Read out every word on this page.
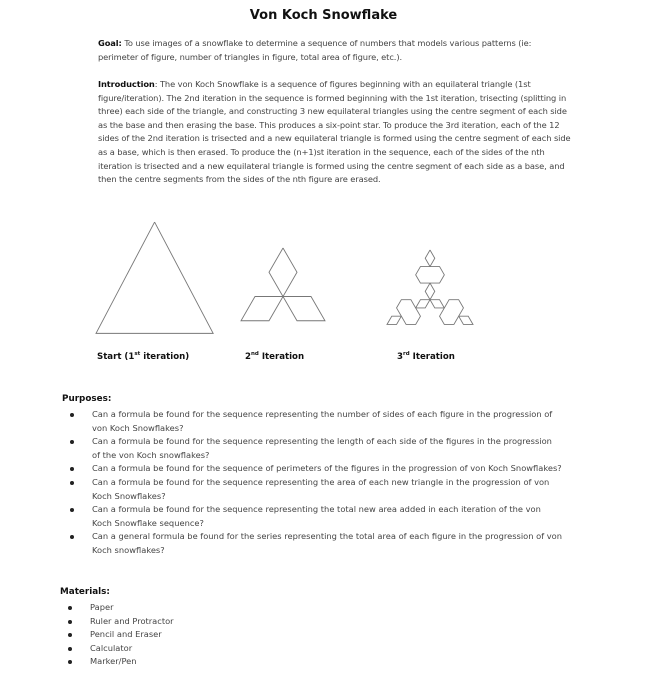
Von Koch Snowflake
Goal: To use images of a snowflake to determine a sequence of numbers that models various patterns (ie: perimeter of figure, number of triangles in figure, total area of figure, etc.).
Introduction: The von Koch Snowflake is a sequence of figures beginning with an equilateral triangle (1st figure/iteration). The 2nd iteration in the sequence is formed beginning with the 1st iteration, trisecting (splitting in three) each side of the triangle, and constructing 3 new equilateral triangles using the centre segment of each side as the base and then erasing the base. This produces a six-point star. To produce the 3rd iteration, each of the 12 sides of the 2nd iteration is trisected and a new equilateral triangle is formed using the centre segment of each side as a base, which is then erased. To produce the (n+1)st iteration in the sequence, each of the sides of the nth iteration is trisected and a new equilateral triangle is formed using the centre segment of each side as a base, and then the centre segments from the sides of the nth figure are erased.
Start (1st iteration)	2nd Iteration	3rd Iteration
Purposes:
Can a formula be found for the sequence representing the number of sides of each figure in the progression of von Koch Snowflakes?
Can a formula be found for the sequence representing the length of each side of the figures in the progression of the von Koch snowflakes?
Can a formula be found for the sequence of perimeters of the figures in the progression of von Koch Snowflakes?
Can a formula be found for the sequence representing the area of each new triangle in the progression of von Koch Snowflakes?
Can a formula be found for the sequence representing the total new area added in each iteration of the von Koch Snowflake sequence?
Can a general formula be found for the series representing the total area of each figure in the progression of von Koch snowflakes?
Materials:
Paper
Ruler and Protractor
Pencil and Eraser
Calculator
Marker/Pen
